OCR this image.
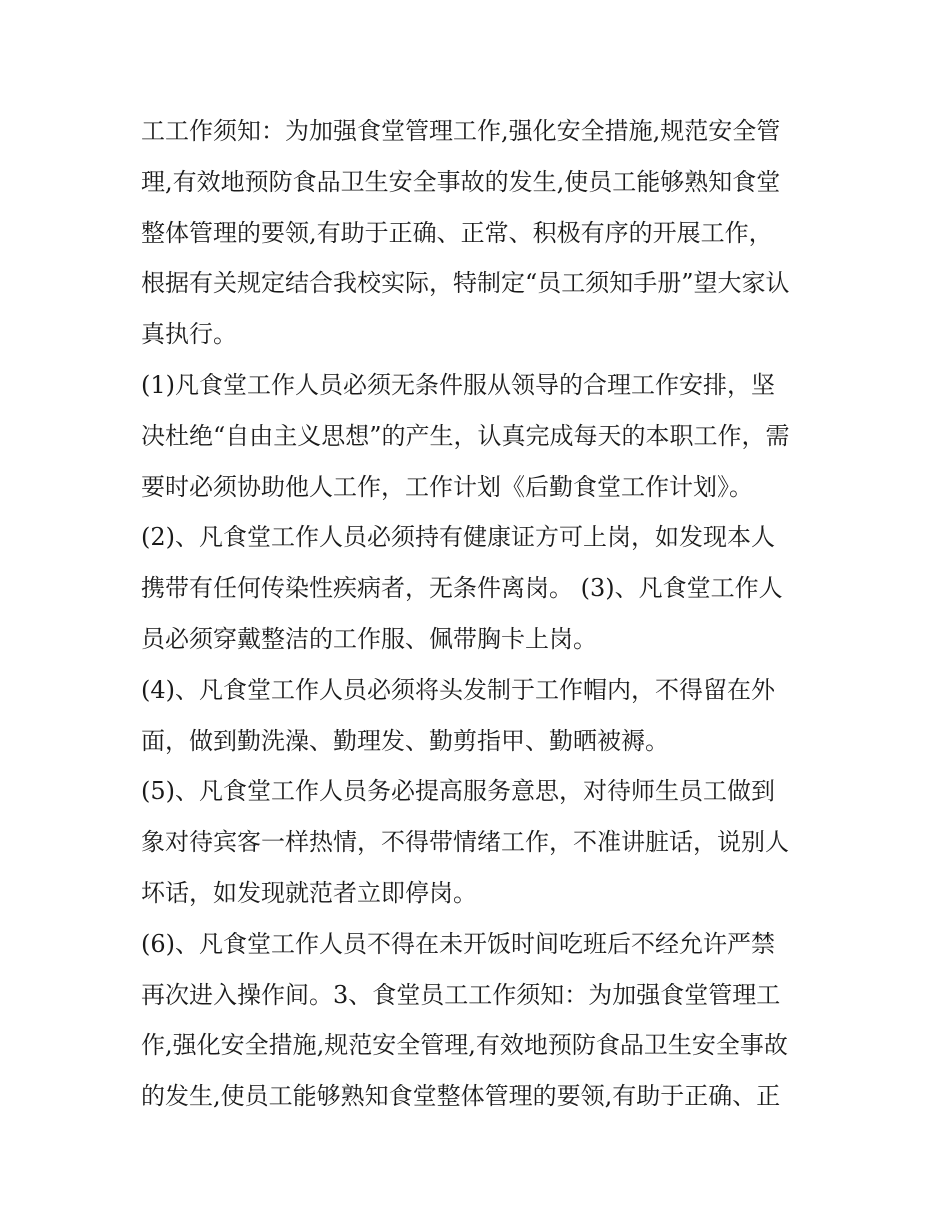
工工作须知：为加强食堂管理工作,强化安全措施,规范安全管
理,有效地预防食品卫生安全事故的发生,使员工能够熟知食堂
整体管理的要领,有助于正确、正常、积极有序的开展工作，
根据有关规定结合我校实际，特制定“员工须知手册”望大家认
真执行。
(1)凡食堂工作人员必须无条件服从领导的合理工作安排，坚
决杜绝“自由主义思想”的产生，认真完成每天的本职工作，需
要时必须协助他人工作，工作计划《后勤食堂工作计划》。
(2)、凡食堂工作人员必须持有健康证方可上岗，如发现本人
携带有任何传染性疾病者，无条件离岗。 (3)、凡食堂工作人
员必须穿戴整洁的工作服、佩带胸卡上岗。
(4)、凡食堂工作人员必须将头发制于工作帽内，不得留在外
面，做到勤洗澡、勤理发、勤剪指甲、勤晒被褥。
(5)、凡食堂工作人员务必提高服务意思，对待师生员工做到
象对待宾客一样热情，不得带情绪工作，不准讲脏话，说别人
坏话，如发现就范者立即停岗。
(6)、凡食堂工作人员不得在未开饭时间吃班后不经允许严禁
再次进入操作间。3、食堂员工工作须知：为加强食堂管理工
作,强化安全措施,规范安全管理,有效地预防食品卫生安全事故
的发生,使员工能够熟知食堂整体管理的要领,有助于正确、正
